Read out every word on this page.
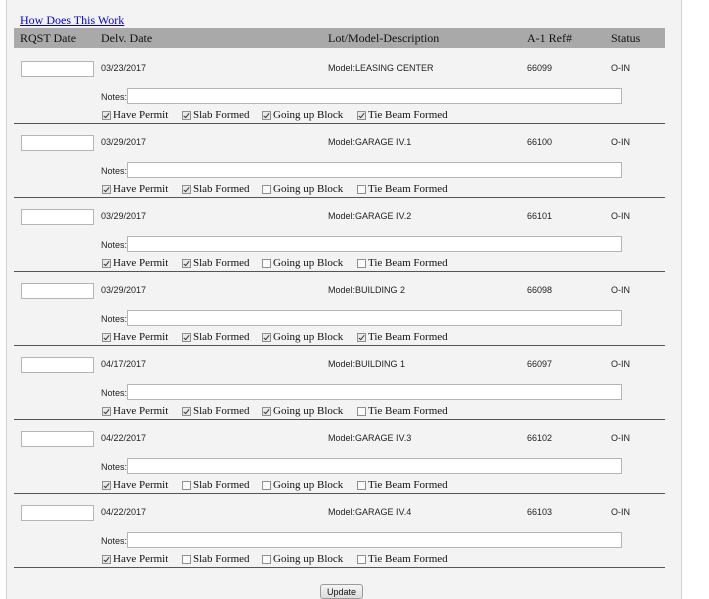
How Does This Work
RQST Date Delv. Date	Lot/Model-Description	A-1 Ref#	Status
03/23/2017	Model:LEASING CENTER	66099	O-IN
Notes:
Have Permit Slab Formed Going up Block Tie Beam Formed
03/29/2017	Model:GARAGE IV.1	66100	O-IN
Notes:
Have Permit Slab Formed Going up Block Tie Beam Formed
03/29/2017	Model:GARAGE IV.2	66101	O-IN
Notes:
Have Permit Slab Formed Going up Block Tie Beam Formed
03/29/2017	Model:BUILDING 2	66098	O-IN
Notes:
Have Permit Slab Formed Going up Block Tie Beam Formed
04/17/2017	Model:BUILDING 1	66097	O-IN
Notes:
Have Permit Slab Formed Going up Block Tie Beam Formed
04/22/2017	Model:GARAGE IV.3	66102	O-IN
Notes:
Have Permit Slab Formed Going up Block Tie Beam Formed
04/22/2017	Model:GARAGE IV.4	66103	O-IN
Notes:
Have Permit Slab Formed Going up Block Tie Beam Formed
Update
